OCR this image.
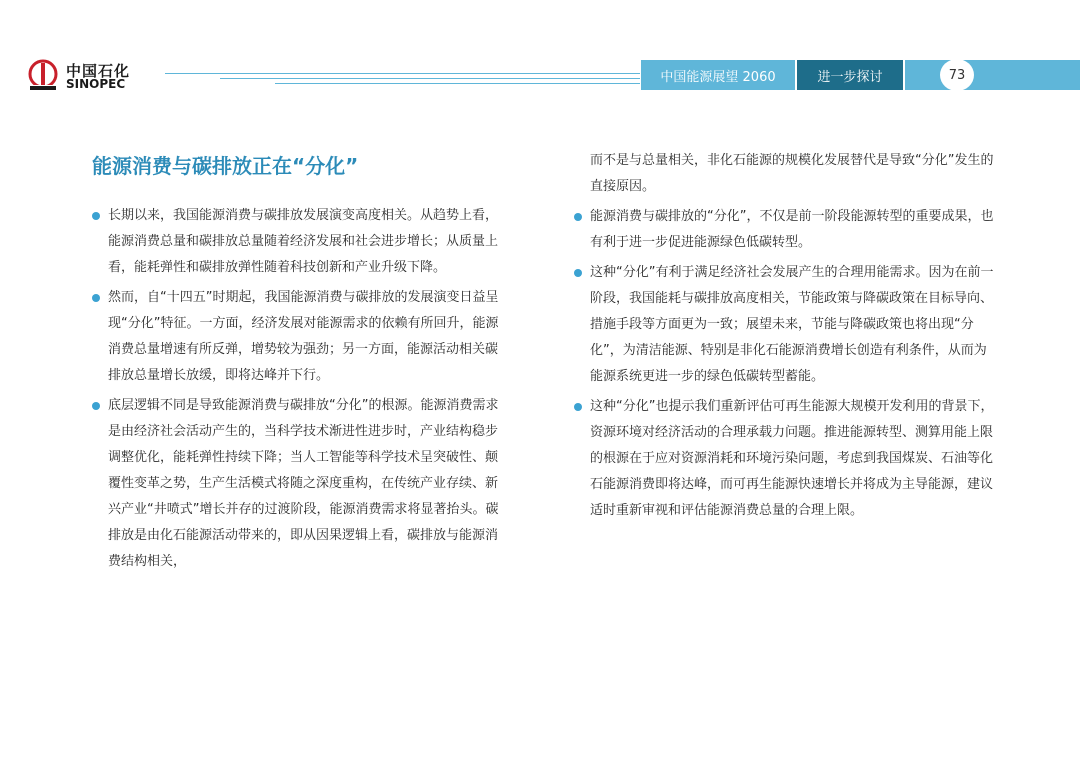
中国石化
SINOPEC	中国能源展望 2060	进一步探讨	73
能源消费与碳排放正在“分化”

长期以来，我国能源消费与碳排放发展演变高度相关。从趋势上看，能源消费总量和碳排放总量随着经济发展和社会进步增长；从质量上看，能耗弹性和碳排放弹性随着科技创新和产业升级下降。

然而，自“十四五”时期起，我国能源消费与碳排放的发展演变日益呈现“分化”特征。一方面，经济发展对能源需求的依赖有所回升，能源消费总量增速有所反弹，增势较为强劲；另一方面，能源活动相关碳排放总量增长放缓，即将达峰并下行。

底层逻辑不同是导致能源消费与碳排放“分化”的根源。能源消费需求是由经济社会活动产生的，当科学技术渐进性进步时，产业结构稳步调整优化，能耗弹性持续下降；当人工智能等科学技术呈突破性、颠覆性变革之势，生产生活模式将随之深度重构，在传统产业存续、新兴产业“井喷式”增长并存的过渡阶段，能源消费需求将显著抬头。碳排放是由化石能源活动带来的，即从因果逻辑上看，碳排放与能源消费结构相关，

而不是与总量相关，非化石能源的规模化发展替代是导致“分化”发生的直接原因。

能源消费与碳排放的“分化”，不仅是前一阶段能源转型的重要成果，也有利于进一步促进能源绿色低碳转型。

这种“分化”有利于满足经济社会发展产生的合理用能需求。因为在前一阶段，我国能耗与碳排放高度相关，节能政策与降碳政策在目标导向、措施手段等方面更为一致；展望未来，节能与降碳政策也将出现“分化”，为清洁能源、特别是非化石能源消费增长创造有利条件，从而为能源系统更进一步的绿色低碳转型蓄能。

这种“分化”也提示我们重新评估可再生能源大规模开发利用的背景下，资源环境对经济活动的合理承载力问题。推进能源转型、测算用能上限的根源在于应对资源消耗和环境污染问题，考虑到我国煤炭、石油等化石能源消费即将达峰，而可再生能源快速增长并将成为主导能源，建议适时重新审视和评估能源消费总量的合理上限。
